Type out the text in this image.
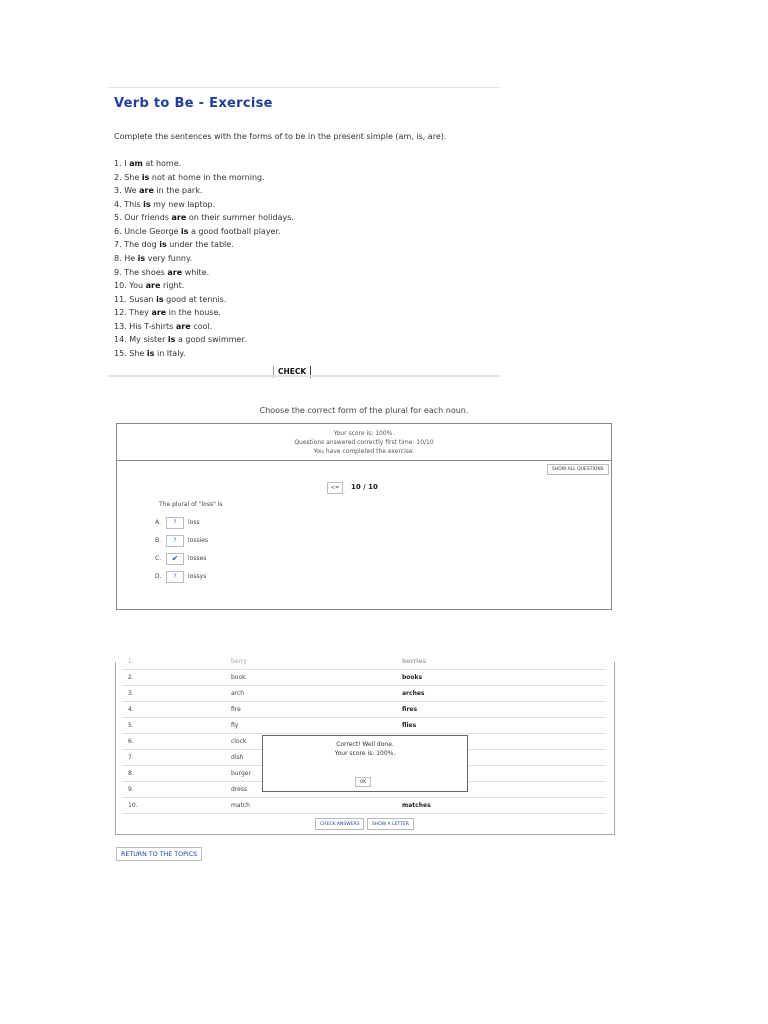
Verb to Be - Exercise
Complete the sentences with the forms of to be in the present simple (am, is, are).
1. I am at home.
2. She is not at home in the morning.
3. We are in the park.
4. This is my new laptop.
5. Our friends are on their summer holidays.
6. Uncle George is a good football player.
7. The dog is under the table.
8. He is very funny.
9. The shoes are white.
10. You are right.
11. Susan is good at tennis.
12. They are in the house.
13. His T-shirts are cool.
14. My sister is a good swimmer.
15. She is in Italy.
CHECK
Choose the correct form of the plural for each noun.
Your score is: 100%.
Questions answered correctly first time: 10/10
You have completed the exercise.
SHOW ALL QUESTIONS
<=	10 / 10
The plural of "loss" is
A.	?	loss
B.	?	lossies
C.	✔	losses
D.	?	lossys
1.	berry	berries
2.	book	books
3.	arch	arches
4.	fire	fires
5.	fly	flies
6.	clock
7.	dish
8.	burger
9.	dress
10.	match	matches
Correct! Well done.
Your score is: 100%.
OK
CHECK ANSWERS	SHOW A LETTER
RETURN TO THE TOPICS
